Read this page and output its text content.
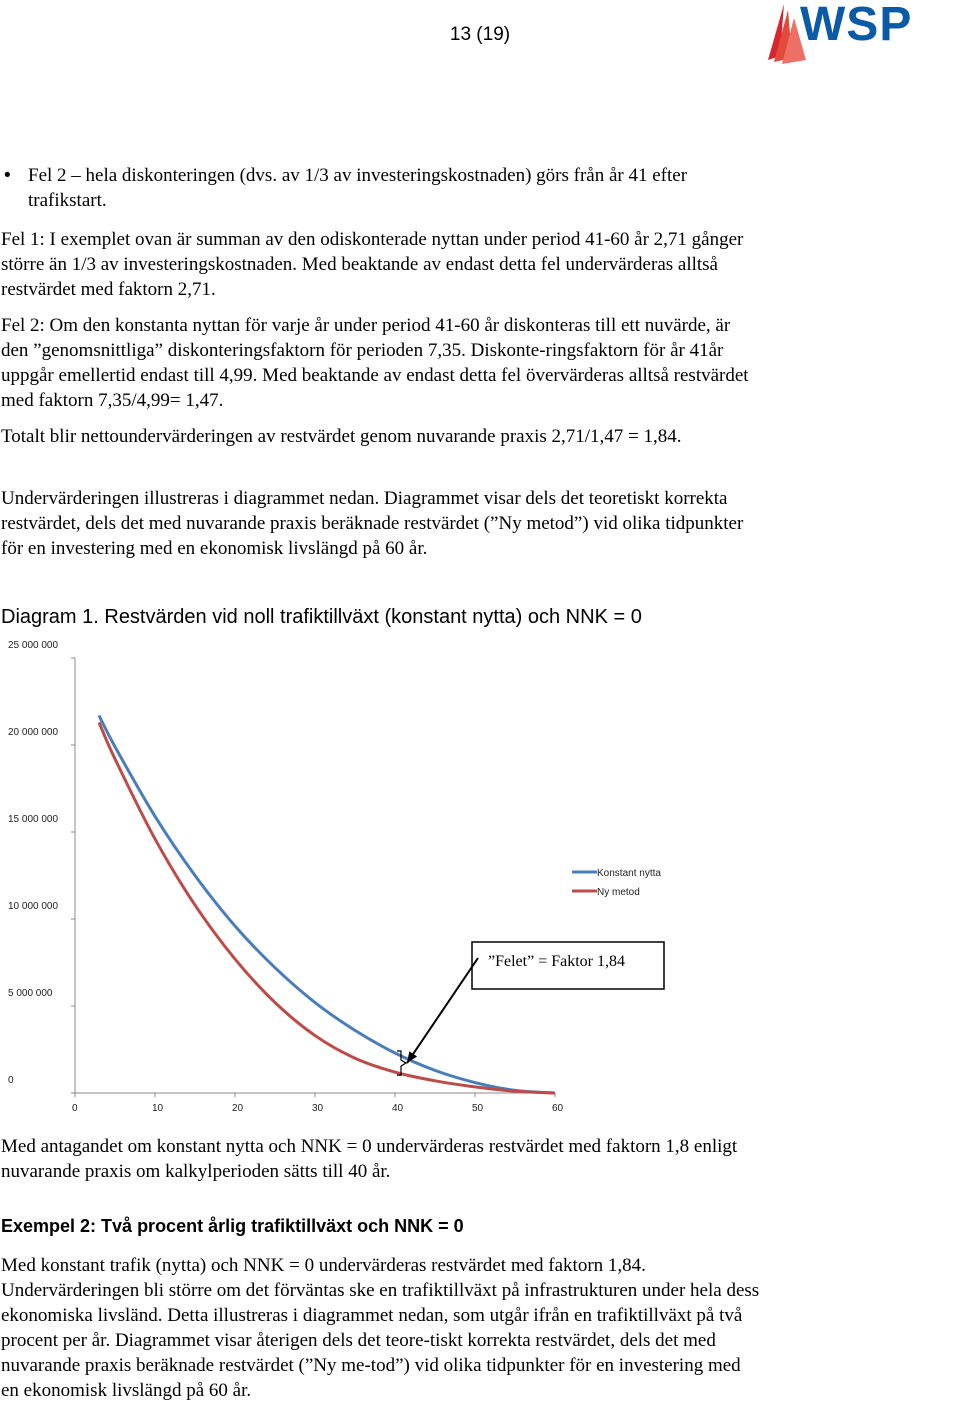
13 (19)	WSP
• Fel 2 – hela diskonteringen (dvs. av 1/3 av investeringskostnaden) görs från år 41 efter trafikstart.
Fel 1: I exemplet ovan är summan av den odiskonterade nyttan under period 41-60 år 2,71 gånger större än 1/3 av investeringskostnaden. Med beaktande av endast detta fel undervärderas alltså restvärdet med faktorn 2,71.
Fel 2: Om den konstanta nyttan för varje år under period 41-60 år diskonteras till ett nuvärde, är den ”genomsnittliga” diskonteringsfaktorn för perioden 7,35. Diskonte-ringsfaktorn för år 41år uppgår emellertid endast till 4,99. Med beaktande av endast detta fel övervärderas alltså restvärdet med faktorn 7,35/4,99= 1,47.
Totalt blir nettoundervärderingen av restvärdet genom nuvarande praxis 2,71/1,47 = 1,84.
Undervärderingen illustreras i diagrammet nedan. Diagrammet visar dels det teoretiskt korrekta restvärdet, dels det med nuvarande praxis beräknade restvärdet (”Ny metod”) vid olika tidpunkter för en investering med en ekonomisk livslängd på 60 år.
Diagram 1. Restvärden vid noll trafiktillväxt (konstant nytta) och NNK = 0
0
5 000 000
10 000 000
15 000 000
20 000 000
25 000 000
0	10	20	30	40	50	60
Konstant nytta
Ny metod
”Felet” = Faktor 1,84
Med antagandet om konstant nytta och NNK = 0 undervärderas restvärdet med faktorn 1,8 enligt nuvarande praxis om kalkylperioden sätts till 40 år.
Exempel 2: Två procent årlig trafiktillväxt och NNK = 0
Med konstant trafik (nytta) och NNK = 0 undervärderas restvärdet med faktorn 1,84. Undervärderingen bli större om det förväntas ske en trafiktillväxt på infrastrukturen under hela dess ekonomiska livsländ. Detta illustreras i diagrammet nedan, som utgår ifrån en trafiktillväxt på två procent per år. Diagrammet visar återigen dels det teore-tiskt korrekta restvärdet, dels det med nuvarande praxis beräknade restvärdet (”Ny me-tod”) vid olika tidpunkter för en investering med en ekonomisk livslängd på 60 år.
